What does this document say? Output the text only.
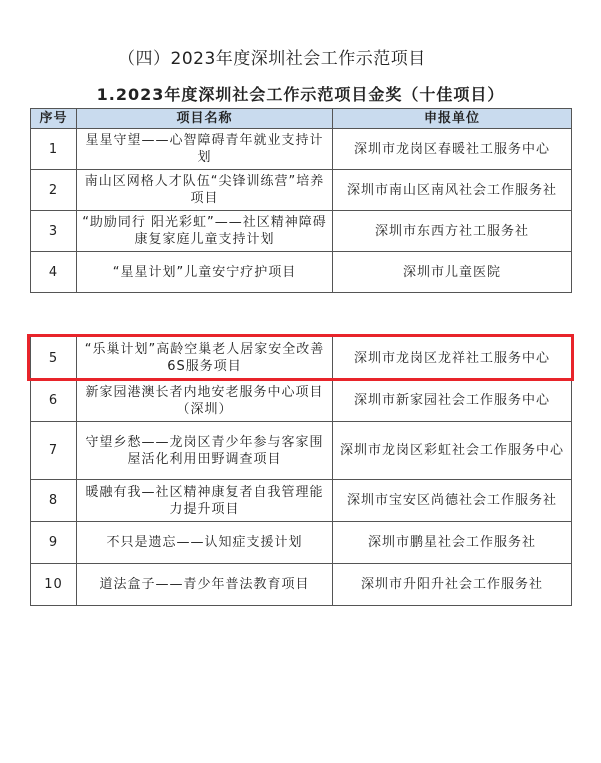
（四）2023年度深圳社会工作示范项目
1.2023年度深圳社会工作示范项目金奖（十佳项目）
序号	项目名称	申报单位
1	星星守望——心智障碍青年就业支持计划	深圳市龙岗区春暖社工服务中心
2	南山区网格人才队伍“尖锋训练营”培养项目	深圳市南山区南风社会工作服务社
3	“助励同行 阳光彩虹”——社区精神障碍康复家庭儿童支持计划	深圳市东西方社工服务社
4	“星星计划”儿童安宁疗护项目	深圳市儿童医院
5	“乐巢计划”高龄空巢老人居家安全改善6S服务项目	深圳市龙岗区龙祥社工服务中心
6	新家园港澳长者内地安老服务中心项目（深圳）	深圳市新家园社会工作服务中心
7	守望乡愁——龙岗区青少年参与客家围屋活化利用田野调查项目	深圳市龙岗区彩虹社会工作服务中心
8	暖融有我—社区精神康复者自我管理能力提升项目	深圳市宝安区尚德社会工作服务社
9	不只是遗忘——认知症支援计划	深圳市鹏星社会工作服务社
10	道法盒子——青少年普法教育项目	深圳市升阳升社会工作服务社
